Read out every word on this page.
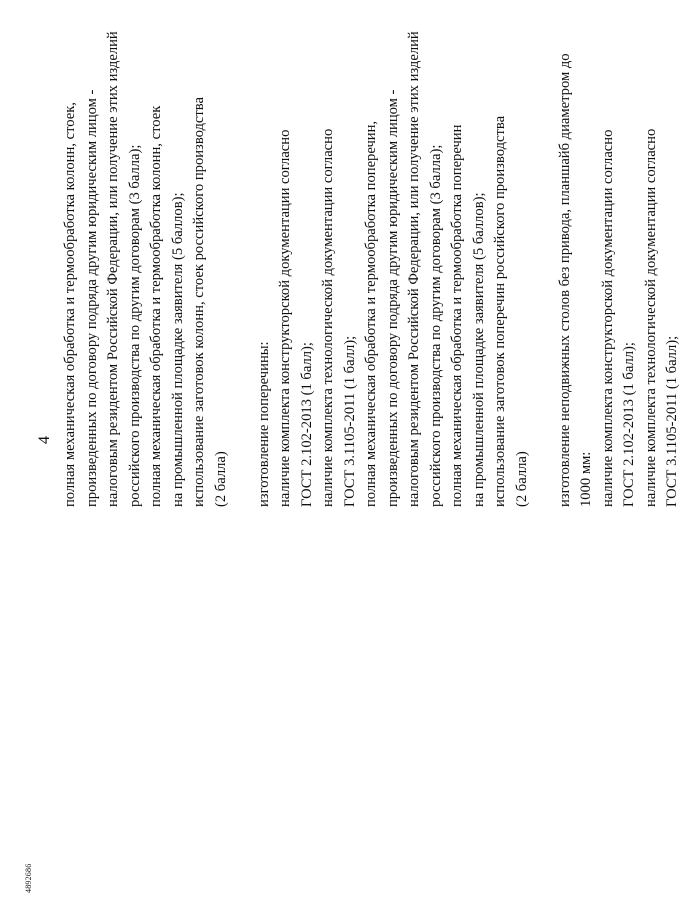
4 полная механическая обработка и термообработка колонн, стоек, произведенных по договору подряда другим юридическим лицом - налоговым резидентом Российской Федерации, или получение этих изделий российского производства по другим договорам (3 балла); полная механическая обработка и термообработка колонн, стоек на промышленной площадке заявителя (5 баллов); использование заготовок колонн, стоек российского производства (2 балла) изготовление поперечины: наличие комплекта конструкторской документации согласно ГОСТ 2.102-2013 (1 балл); наличие комплекта технологической документации согласно ГОСТ 3.1105-2011 (1 балл); полная механическая обработка и термообработка поперечин, произведенных по договору подряда другим юридическим лицом - налоговым резидентом Российской Федерации, или получение этих изделий российского производства по другим договорам (3 балла); полная механическая обработка и термообработка поперечин на промышленной площадке заявителя (5 баллов); использование заготовок поперечин российского производства (2 балла) изготовление неподвижных столов без привода, планшайб диаметром до 1000 мм: наличие комплекта конструкторской документации согласно ГОСТ 2.102-2013 (1 балл); наличие комплекта технологической документации согласно ГОСТ 3.1105-2011 (1 балл);
4892686
